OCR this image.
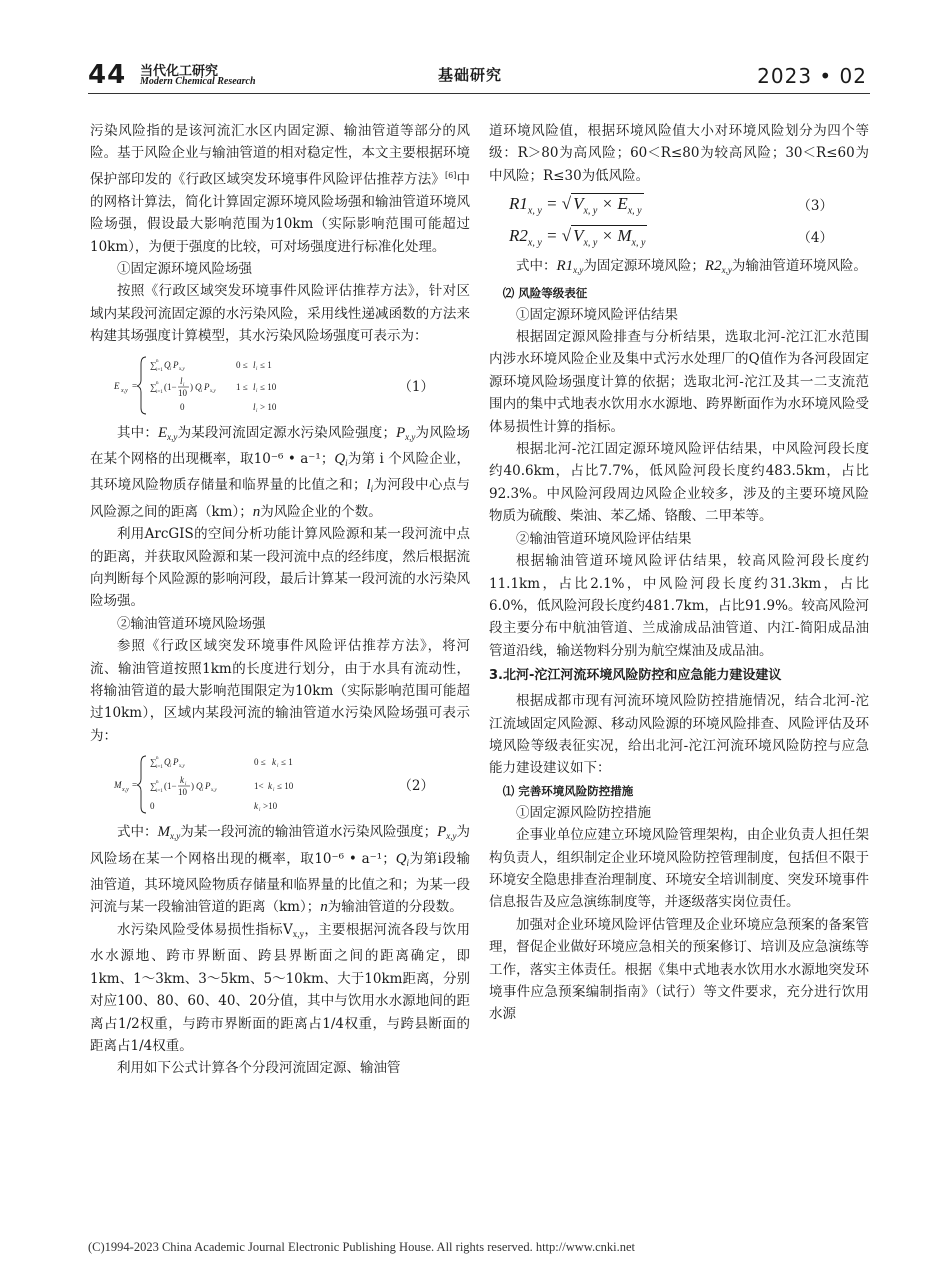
44 当代化工研究
Modern Chemical Research	基础研究	2023 • 02

污染风险指的是该河流汇水区内固定源、输油管道等部分的风险。基于风险企业与输油管道的相对稳定性，本文主要根据环境保护部印发的《行政区域突发环境事件风险评估推荐方法》[6]中的网格计算法，简化计算固定源环境风险场强和输油管道环境风险场强，假设最大影响范围为10km（实际影响范围可能超过10km），为便于强度的比较，可对场强度进行标准化处理。

①固定源环境风险场强

按照《行政区域突发环境事件风险评估推荐方法》，针对区域内某段河流固定源的水污染风险，采用线性递减函数的方法来构建其场强度计算模型，其水污染风险场强度可表示为：

E x,y =
∑ n
i=1
Q i P x,y	0 ≤ l i ≤ 1
∑ n
i=1
(1−
l i
10
) Q i P x,y 1 ≤ l i ≤ 10
0	l i > 10
（1）

其中：$E_{x,y}$为某段河流固定源水污染风险强度；$P_{x,y}$为风险场在某个网格的出现概率，取10⁻⁶ • a⁻¹；$Q_i$为第 i 个风险企业，其环境风险物质存储量和临界量的比值之和；$l_i$为河段中心点与风险源之间的距离（km）；n为风险企业的个数。

利用ArcGIS的空间分析功能计算风险源和某一段河流中点的距离，并获取风险源和某一段河流中点的经纬度，然后根据流向判断每个风险源的影响河段，最后计算某一段河流的水污染风险场强。

②输油管道环境风险场强

参照《行政区域突发环境事件风险评估推荐方法》，将河流、输油管道按照1km的长度进行划分，由于水具有流动性，将输油管道的最大影响范围限定为10km（实际影响范围可能超过10km），区域内某段河流的输油管道水污染风险场强可表示为：

M x,y =
∑ n
i=1
Q i P x,y	0 ≤ k i ≤ 1
∑ n
i=1
(1−
k i
10
) Q i P x,y	1< k i ≤ 10
0	k i >10
（2）

式中：$M_{x,y}$为某一段河流的输油管道水污染风险强度；$P_{x,y}$为风险场在某一个网格出现的概率，取10⁻⁶ • a⁻¹；$Q_i$为第i段输油管道，其环境风险物质存储量和临界量的比值之和；为某一段河流与某一段输油管道的距离（km）；n为输油管道的分段数。

水污染风险受体易损性指标$V_{x,y}$，主要根据河流各段与饮用水水源地、跨市界断面、跨县界断面之间的距离确定，即1km、1～3km、3～5km、5～10km、大于10km距离，分别对应100、80、60、40、20分值，其中与饮用水水源地间的距离占1/2权重，与跨市界断面的距离占1/4权重，与跨县断面的距离占1/4权重。

利用如下公式计算各个分段河流固定源、输油管

道环境风险值，根据环境风险值大小对环境风险划分为四个等级：R＞80为高风险；60＜R≤80为较高风险；30＜R≤60为中风险；R≤30为低风险。

$R1_{x, y}$ = √ $V_{x, y} \times E_{x, y}$	（3）
$R2_{x, y}$ = √ $V_{x, y} \times M_{x, y}$	（4）

式中：$R1_{x,y}$为固定源环境风险；$R2_{x,y}$为输油管道环境风险。

⑵ 风险等级表征

①固定源环境风险评估结果

根据固定源风险排查与分析结果，选取北河-沱江汇水范围内涉水环境风险企业及集中式污水处理厂的Q值作为各河段固定源环境风险场强度计算的依据；选取北河-沱江及其一二支流范围内的集中式地表水饮用水水源地、跨界断面作为水环境风险受体易损性计算的指标。

根据北河-沱江固定源环境风险评估结果，中风险河段长度约40.6km，占比7.7%，低风险河段长度约483.5km，占比92.3%。中风险河段周边风险企业较多，涉及的主要环境风险物质为硫酸、柴油、苯乙烯、铬酸、二甲苯等。

②输油管道环境风险评估结果

根据输油管道环境风险评估结果，较高风险河段长度约11.1km，占比2.1%，中风险河段长度约31.3km，占比6.0%，低风险河段长度约481.7km，占比91.9%。较高风险河段主要分布中航油管道、兰成渝成品油管道、内江-简阳成品油管道沿线，输送物料分别为航空煤油及成品油。

3.北河-沱江河流环境风险防控和应急能力建设建议

根据成都市现有河流环境风险防控措施情况，结合北河-沱江流域固定风险源、移动风险源的环境风险排查、风险评估及环境风险等级表征实况，给出北河-沱江河流环境风险防控与应急能力建设建议如下：

⑴ 完善环境风险防控措施

①固定源风险防控措施

企事业单位应建立环境风险管理架构，由企业负责人担任架构负责人，组织制定企业环境风险防控管理制度，包括但不限于环境安全隐患排查治理制度、环境安全培训制度、突发环境事件信息报告及应急演练制度等，并逐级落实岗位责任。

加强对企业环境风险评估管理及企业环境应急预案的备案管理，督促企业做好环境应急相关的预案修订、培训及应急演练等工作，落实主体责任。根据《集中式地表水饮用水水源地突发环境事件应急预案编制指南》（试行）等文件要求，充分进行饮用水源

(C)1994-2023 China Academic Journal Electronic Publishing House. All rights reserved. http://www.cnki.net
